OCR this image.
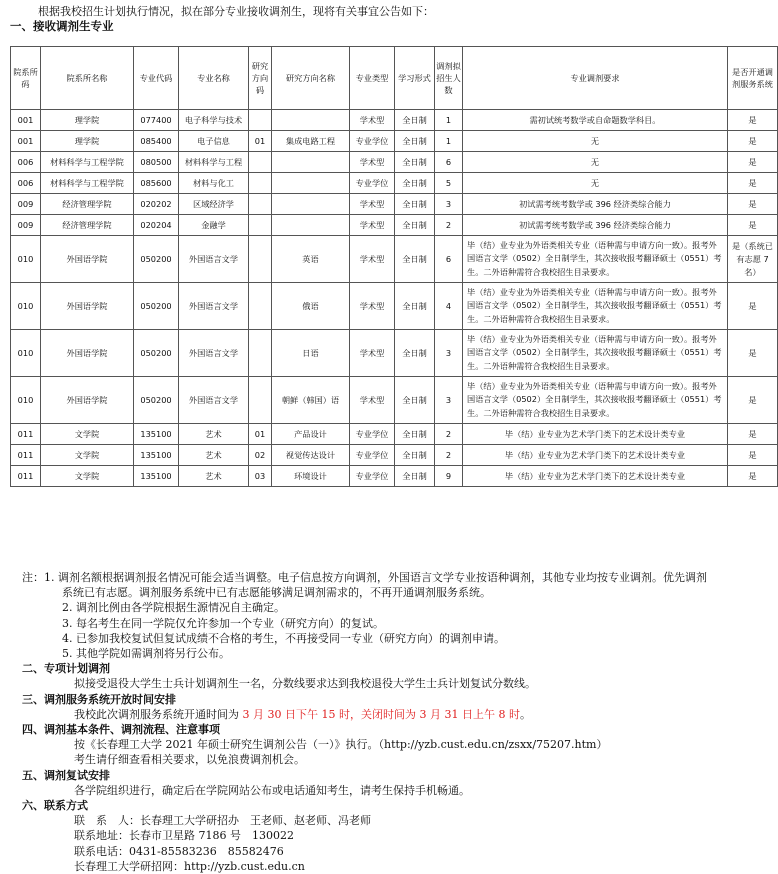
根据我校招生计划执行情况，拟在部分专业接收调剂生，现将有关事宜公告如下：
一、接收调剂生专业
院系所码	院系所名称	专业代码	专业名称	研究方向码	研究方向名称	专业类型	学习形式	调剂拟招生人数	专业调剂要求	是否开通调剂服务系统
001	理学院	077400	电子科学与技术			学术型	全日制	1	需初试统考数学或自命题数学科目。	是
001	理学院	085400	电子信息	01	集成电路工程	专业学位	全日制	1	无	是
006	材料科学与工程学院	080500	材料科学与工程			学术型	全日制	6	无	是
006	材料科学与工程学院	085600	材料与化工			专业学位	全日制	5	无	是
009	经济管理学院	020202	区域经济学			学术型	全日制	3	初试需考统考数学或 396 经济类综合能力	是
009	经济管理学院	020204	金融学			学术型	全日制	2	初试需考统考数学或 396 经济类综合能力	是
010	外国语学院	050200	外国语言文学		英语	学术型	全日制	6	毕（结）业专业为外语类相关专业（语种需与申请方向一致）。报考外国语言文学（0502）全日制学生，其次接收报考翻译硕士（0551）考生。二外语种需符合我校招生目录要求。	是（系统已有志愿 7 名）
010	外国语学院	050200	外国语言文学		俄语	学术型	全日制	4	毕（结）业专业为外语类相关专业（语种需与申请方向一致）。报考外国语言文学（0502）全日制学生，其次接收报考翻译硕士（0551）考生。二外语种需符合我校招生目录要求。	是
010	外国语学院	050200	外国语言文学		日语	学术型	全日制	3	毕（结）业专业为外语类相关专业（语种需与申请方向一致）。报考外国语言文学（0502）全日制学生，其次接收报考翻译硕士（0551）考生。二外语种需符合我校招生目录要求。	是
010	外国语学院	050200	外国语言文学		朝鲜（韩国）语	学术型	全日制	3	毕（结）业专业为外语类相关专业（语种需与申请方向一致）。报考外国语言文学（0502）全日制学生，其次接收报考翻译硕士（0551）考生。二外语种需符合我校招生目录要求。	是
011	文学院	135100	艺术	01	产品设计	专业学位	全日制	2	毕（结）业专业为艺术学门类下的艺术设计类专业	是
011	文学院	135100	艺术	02	视觉传达设计	专业学位	全日制	2	毕（结）业专业为艺术学门类下的艺术设计类专业	是
011	文学院	135100	艺术	03	环境设计	专业学位	全日制	9	毕（结）业专业为艺术学门类下的艺术设计类专业	是

注：1. 调剂名额根据调剂报名情况可能会适当调整。电子信息按方向调剂，外国语言文学专业按语种调剂，其他专业均按专业调剂。优先调剂

系统已有志愿。调剂服务系统中已有志愿能够满足调剂需求的，不再开通调剂服务系统。

2. 调剂比例由各学院根据生源情况自主确定。

3. 每名考生在同一学院仅允许参加一个专业（研究方向）的复试。

4. 已参加我校复试但复试成绩不合格的考生，不再接受同一专业（研究方向）的调剂申请。

5. 其他学院如需调剂将另行公布。

二、专项计划调剂

拟接受退役大学生士兵计划调剂生一名，分数线要求达到我校退役大学生士兵计划复试分数线。

三、调剂服务系统开放时间安排

我校此次调剂服务系统开通时间为 3 月 30 日下午 15 时，关闭时间为 3 月 31 日上午 8 时。

四、调剂基本条件、调剂流程、注意事项

按《长春理工大学 2021 年硕士研究生调剂公告（一）》执行。（http://yzb.cust.edu.cn/zsxx/75207.htm）

考生请仔细查看相关要求，以免浪费调剂机会。

五、调剂复试安排

各学院组织进行，确定后在学院网站公布或电话通知考生，请考生保持手机畅通。

六、联系方式

联　系　人：长春理工大学研招办　王老师、赵老师、冯老师

联系地址：长春市卫星路 7186 号　130022

联系电话：0431-85583236　85582476

长春理工大学研招网：http://yzb.cust.edu.cn
